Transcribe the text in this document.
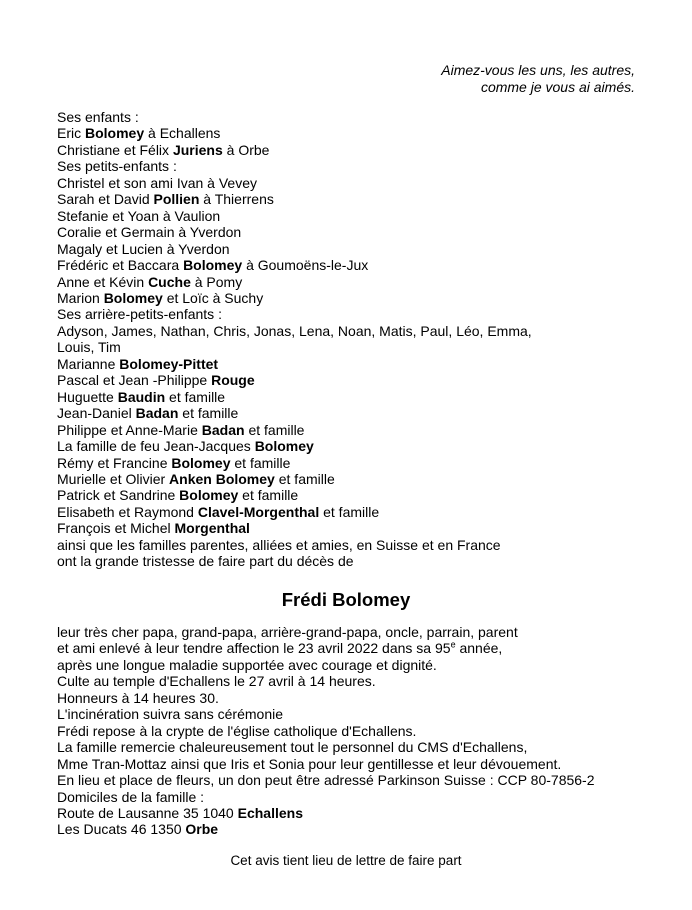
Aimez-vous les uns, les autres,
comme je vous ai aimés.
Ses enfants :
Eric Bolomey à Echallens
Christiane et Félix Juriens à Orbe
Ses petits-enfants :
Christel et son ami Ivan à Vevey
Sarah et David Pollien à Thierrens
Stefanie et Yoan à Vaulion
Coralie et Germain à Yverdon
Magaly et Lucien à Yverdon
Frédéric et Baccara Bolomey à Goumoëns-le-Jux
Anne et Kévin Cuche à Pomy
Marion Bolomey et Loïc à Suchy
Ses arrière-petits-enfants :
Adyson, James, Nathan, Chris, Jonas, Lena, Noan, Matis, Paul, Léo, Emma,
Louis, Tim
Marianne Bolomey-Pittet
Pascal et Jean -Philippe Rouge
Huguette Baudin et famille
Jean-Daniel Badan et famille
Philippe et Anne-Marie Badan et famille
La famille de feu Jean-Jacques Bolomey
Rémy et Francine Bolomey et famille
Murielle et Olivier Anken Bolomey et famille
Patrick et Sandrine Bolomey et famille
Elisabeth et Raymond Clavel-Morgenthal et famille
François et Michel Morgenthal
ainsi que les familles parentes, alliées et amies, en Suisse et en France
ont la grande tristesse de faire part du décès de
Frédi Bolomey
leur très cher papa, grand-papa, arrière-grand-papa, oncle, parrain, parent
et ami enlevé à leur tendre affection le 23 avril 2022 dans sa 95e année,
après une longue maladie supportée avec courage et dignité.
Culte au temple d'Echallens le 27 avril à 14 heures.
Honneurs à 14 heures 30.
L'incinération suivra sans cérémonie
Frédi repose à la crypte de l'église catholique d'Echallens.
La famille remercie chaleureusement tout le personnel du CMS d'Echallens,
Mme Tran-Mottaz ainsi que Iris et Sonia pour leur gentillesse et leur dévouement.
En lieu et place de fleurs, un don peut être adressé Parkinson Suisse : CCP 80-7856-2
Domiciles de la famille :
Route de Lausanne 35 1040 Echallens
Les Ducats 46 1350 Orbe
Cet avis tient lieu de lettre de faire part
